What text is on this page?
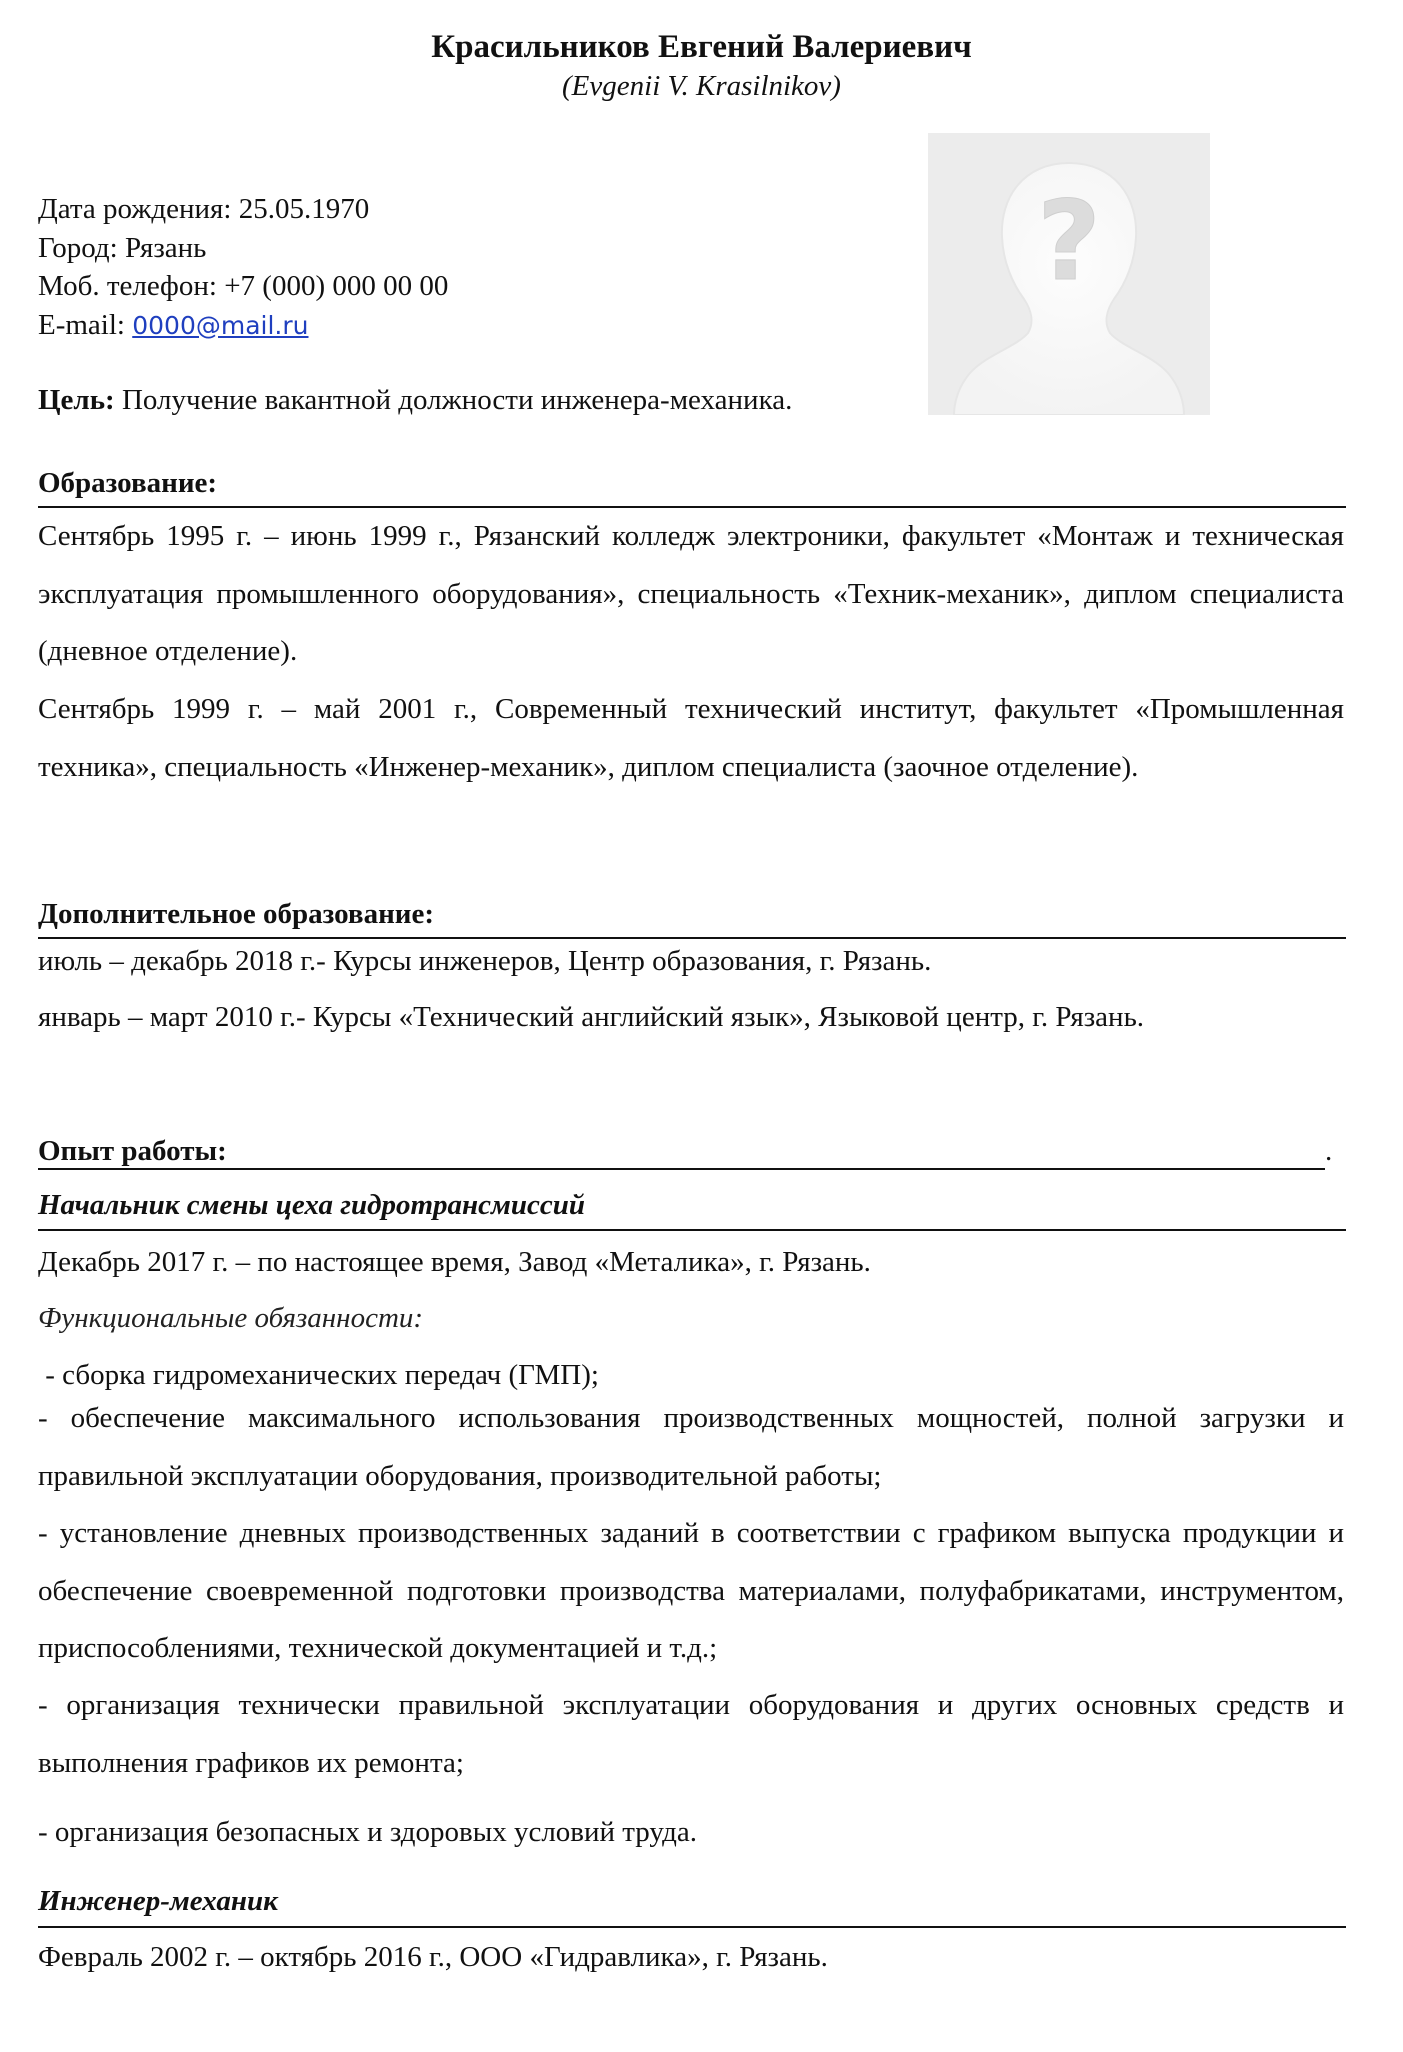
Красильников Евгений Валериевич
(Evgenii V. Krasilnikov)
?
Дата рождения: 25.05.1970
Город: Рязань
Моб. телефон: +7 (000) 000 00 00
E-mail: 0000@mail.ru
Цель: Получение вакантной должности инженера-механика.
Образование:
Сентябрь 1995 г. – июнь 1999 г., Рязанский колледж электроники, факультет «Монтаж и техническая эксплуатация промышленного оборудования», специальность «Техник-механик», диплом специалиста (дневное отделение).
Сентябрь 1999 г. – май 2001 г., Современный технический институт, факультет «Промышленная техника», специальность «Инженер-механик», диплом специалиста (заочное отделение).
Дополнительное образование:
июль – декабрь 2018 г.- Курсы инженеров, Центр образования, г. Рязань.
январь – март 2010 г.- Курсы «Технический английский язык», Языковой центр, г. Рязань.
Опыт работы:	.
Начальник смены цеха гидротрансмиссий
Декабрь 2017 г. – по настоящее время, Завод «Металика», г. Рязань.
Функциональные обязанности:
- сборка гидромеханических передач (ГМП);
- обеспечение максимального использования производственных мощностей, полной загрузки и правильной эксплуатации оборудования, производительной работы;
- установление дневных производственных заданий в соответствии с графиком выпуска продукции и обеспечение своевременной подготовки производства материалами, полуфабрикатами, инструментом, приспособлениями, технической документацией и т.д.;
- организация технически правильной эксплуатации оборудования и других основных средств и выполнения графиков их ремонта;
- организация безопасных и здоровых условий труда.
Инженер-механик
Февраль 2002 г. – октябрь 2016 г., ООО «Гидравлика», г. Рязань.
